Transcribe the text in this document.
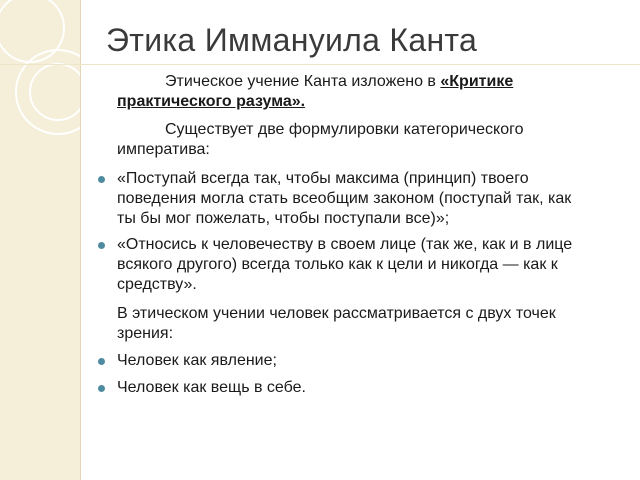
Этика Иммануила Канта

Этическое учение Канта изложено в «Критике практического разума».

Существует две формулировки категорического императива:

«Поступай всегда так, чтобы максима (принцип) твоего поведения могла стать всеобщим законом (поступай так, как ты бы мог пожелать, чтобы поступали все)»;
«Относись к человечеству в своем лице (так же, как и в лице всякого другого) всегда только как к цели и никогда — как к средству».

В этическом учении человек рассматривается с двух точек зрения:

Человек как явление;
Человек как вещь в себе.
